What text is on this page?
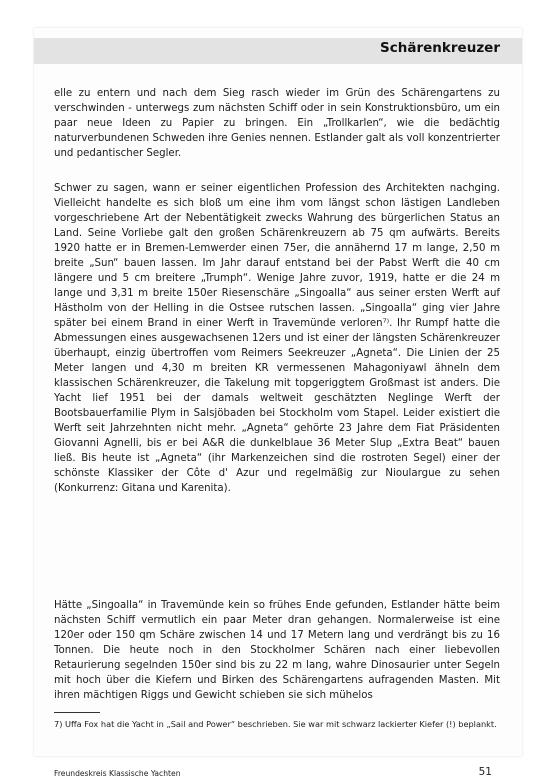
Schärenkreuzer

elle zu entern und nach dem Sieg rasch wieder im Grün des Schärengartens zu verschwinden - unterwegs zum nächsten Schiff oder in sein Konstruktionsbüro, um ein paar neue Ideen zu Papier zu bringen. Ein „Trollkarlen“, wie die bedächtig naturverbundenen Schweden ihre Genies nennen. Estlander galt als voll konzentrierter und pedantischer Segler.

Schwer zu sagen, wann er seiner eigentlichen Profession des Architekten nachging. Vielleicht handelte es sich bloß um eine ihm vom längst schon lästigen Landleben vorgeschriebene Art der Nebentätigkeit zwecks Wahrung des bürgerlichen Status an Land. Seine Vorliebe galt den großen Schärenkreuzern ab 75 qm aufwärts. Bereits 1920 hatte er in Bremen-Lemwerder einen 75er, die annähernd 17 m lange, 2,50 m breite „Sun“ bauen lassen. Im Jahr darauf entstand bei der Pabst Werft die 40 cm längere und 5 cm breitere „Trumph“. Wenige Jahre zuvor, 1919, hatte er die 24 m lange und 3,31 m breite 150er Riesenschäre „Singoalla“ aus seiner ersten Werft auf Hästholm von der Helling in die Ostsee rutschen lassen. „Singoalla“ ging vier Jahre später bei einem Brand in einer Werft in Travemünde verloren⁷⁾. Ihr Rumpf hatte die Abmessungen eines ausgewachsenen 12ers und ist einer der längsten Schärenkreuzer überhaupt, einzig übertroffen vom Reimers Seekreuzer „Agneta“. Die Linien der 25 Meter langen und 4,30 m breiten KR vermessenen Mahagoniyawl ähneln dem klassischen Schärenkreuzer, die Takelung mit topgeriggtem Großmast ist anders. Die Yacht lief 1951 bei der damals weltweit geschätzten Neglinge Werft der Bootsbauerfamilie Plym in Salsjöbaden bei Stockholm vom Stapel. Leider existiert die Werft seit Jahrzehnten nicht mehr. „Agneta“ gehörte 23 Jahre dem Fiat Präsidenten Giovanni Agnelli, bis er bei A&R die dunkelblaue 36 Meter Slup „Extra Beat“ bauen ließ. Bis heute ist „Agneta“ (ihr Markenzeichen sind die rostroten Segel) einer der schönste Klassiker der Côte d' Azur und regelmäßig zur Nioulargue zu sehen (Konkurrenz: Gitana und Karenita).

Hätte „Singoalla“ in Travemünde kein so frühes Ende gefunden, Estlander hätte beim nächsten Schiff vermutlich ein paar Meter dran gehangen. Normalerweise ist eine 120er oder 150 qm Schäre zwischen 14 und 17 Metern lang und verdrängt bis zu 16 Tonnen. Die heute noch in den Stockholmer Schären nach einer liebevollen Retaurierung segelnden 150er sind bis zu 22 m lang, wahre Dinosaurier unter Segeln mit hoch über die Kiefern und Birken des Schärengartens aufragenden Masten. Mit ihren mächtigen Riggs und Gewicht schieben sie sich mühelos

7) Uffa Fox hat die Yacht in „Sail and Power“ beschrieben. Sie war mit schwarz lackierter Kiefer (!) beplankt.

Freundeskreis Klassische Yachten	51
